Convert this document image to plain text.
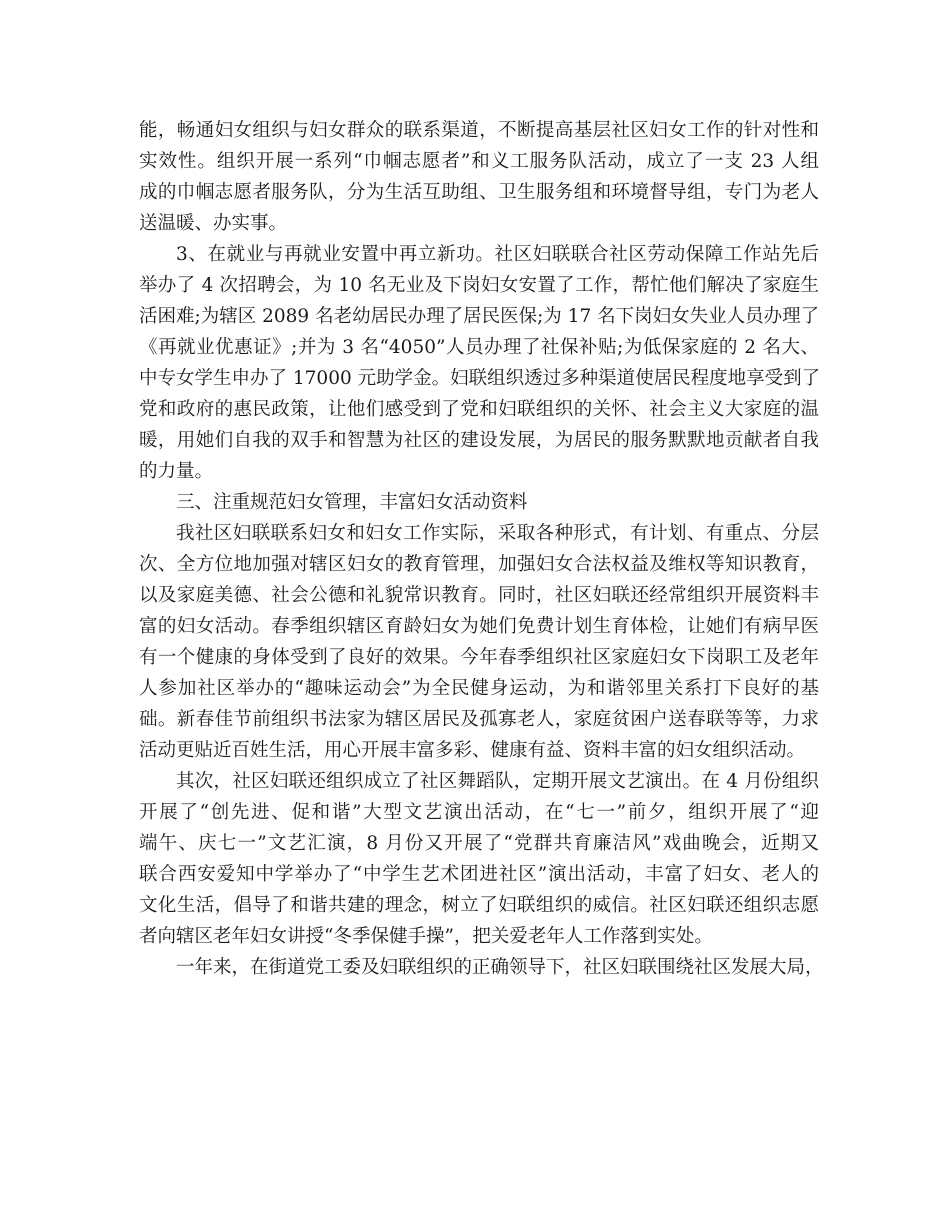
能，畅通妇女组织与妇女群众的联系渠道，不断提高基层社区妇女工作的针对性和
实效性。组织开展一系列“巾帼志愿者”和义工服务队活动，成立了一支 23 人组
成的巾帼志愿者服务队，分为生活互助组、卫生服务组和环境督导组，专门为老人
送温暖、办实事。
3、在就业与再就业安置中再立新功。社区妇联联合社区劳动保障工作站先后
举办了 4 次招聘会，为 10 名无业及下岗妇女安置了工作，帮忙他们解决了家庭生
活困难;为辖区 2089 名老幼居民办理了居民医保;为 17 名下岗妇女失业人员办理了
《再就业优惠证》;并为 3 名“4050”人员办理了社保补贴;为低保家庭的 2 名大、
中专女学生申办了 17000 元助学金。妇联组织透过多种渠道使居民程度地享受到了
党和政府的惠民政策，让他们感受到了党和妇联组织的关怀、社会主义大家庭的温
暖，用她们自我的双手和智慧为社区的建设发展，为居民的服务默默地贡献者自我
的力量。
三、注重规范妇女管理，丰富妇女活动资料
我社区妇联联系妇女和妇女工作实际，采取各种形式，有计划、有重点、分层
次、全方位地加强对辖区妇女的教育管理，加强妇女合法权益及维权等知识教育，
以及家庭美德、社会公德和礼貌常识教育。同时，社区妇联还经常组织开展资料丰
富的妇女活动。春季组织辖区育龄妇女为她们免费计划生育体检，让她们有病早医
有一个健康的身体受到了良好的效果。今年春季组织社区家庭妇女下岗职工及老年
人参加社区举办的“趣味运动会”为全民健身运动，为和谐邻里关系打下良好的基
础。新春佳节前组织书法家为辖区居民及孤寡老人，家庭贫困户送春联等等，力求
活动更贴近百姓生活，用心开展丰富多彩、健康有益、资料丰富的妇女组织活动。
其次，社区妇联还组织成立了社区舞蹈队，定期开展文艺演出。在 4 月份组织
开展了“创先进、促和谐”大型文艺演出活动，在“七一”前夕，组织开展了“迎
端午、庆七一”文艺汇演，8 月份又开展了“党群共育廉洁风”戏曲晚会，近期又
联合西安爱知中学举办了“中学生艺术团进社区”演出活动，丰富了妇女、老人的
文化生活，倡导了和谐共建的理念，树立了妇联组织的威信。社区妇联还组织志愿
者向辖区老年妇女讲授“冬季保健手操”，把关爱老年人工作落到实处。
一年来，在街道党工委及妇联组织的正确领导下，社区妇联围绕社区发展大局，
